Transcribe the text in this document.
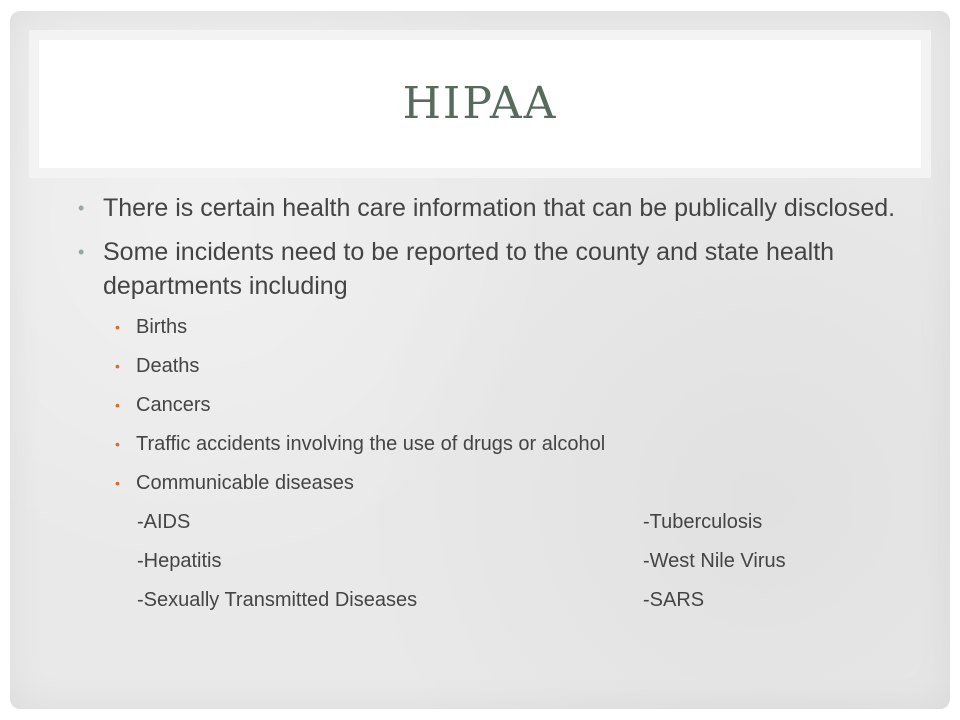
HIPAA
• There is certain health care information that can be publically disclosed.
• Some incidents need to be reported to the county and state health departments including
• Births
• Deaths
• Cancers
• Traffic accidents involving the use of drugs or alcohol
• Communicable diseases
-AIDS	-Tuberculosis
-Hepatitis	-West Nile Virus
-Sexually Transmitted Diseases	-SARS
